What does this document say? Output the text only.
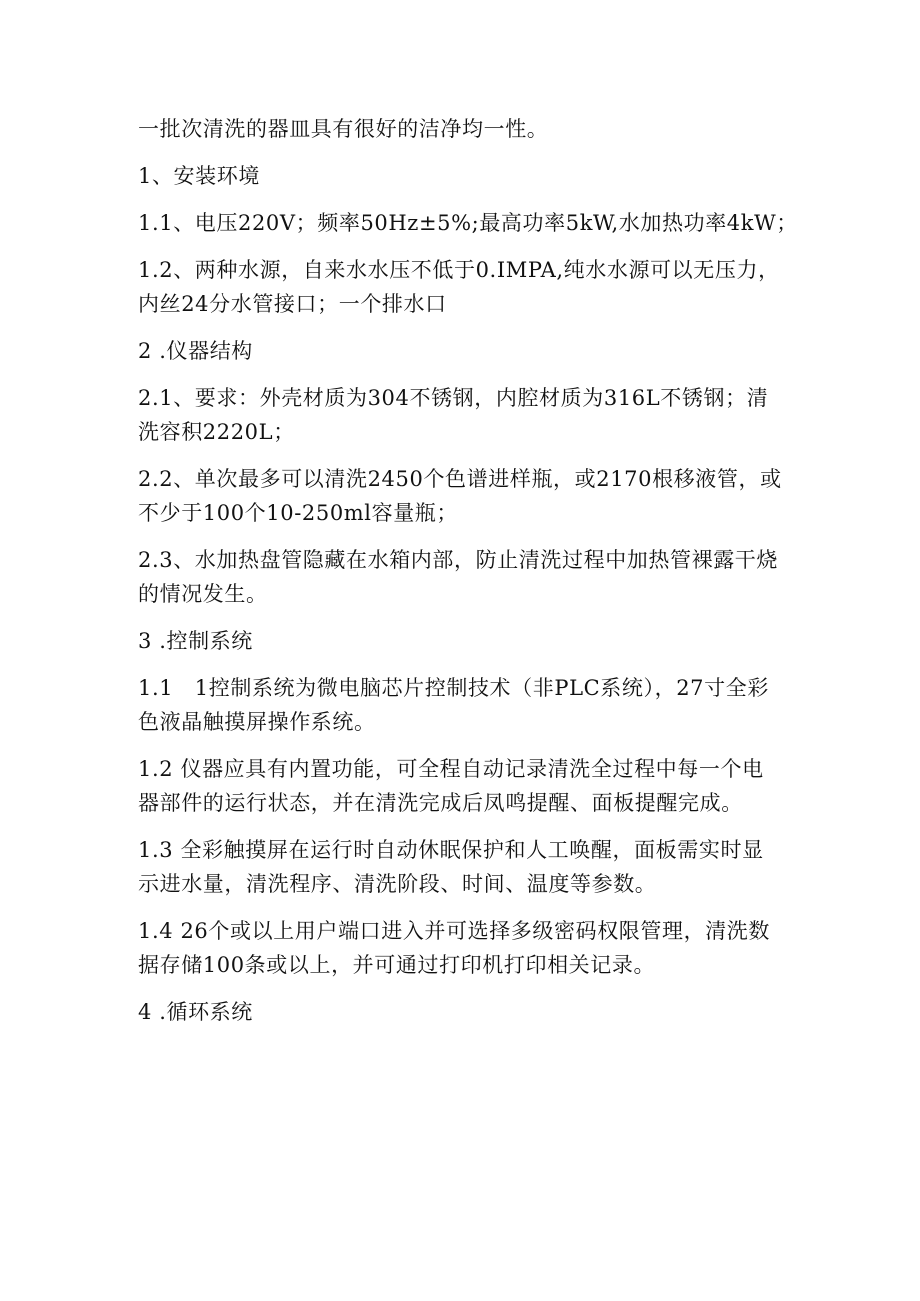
一批次清洗的器皿具有很好的洁净均一性。
1、安装环境
1.1、电压220V；频率50Hz±5%;最高功率5kW,水加热功率4kW；
1.2、两种水源，自来水水压不低于0.IMPA,纯水水源可以无压力，
内丝24分水管接口；一个排水口
2 .仪器结构
2.1、要求：外壳材质为304不锈钢，内腔材质为316L不锈钢；清
洗容积2220L；
2.2、单次最多可以清洗2450个色谱进样瓶，或2170根移液管，或
不少于100个10-250ml容量瓶；
2.3、水加热盘管隐藏在水箱内部，防止清洗过程中加热管裸露干烧
的情况发生。
3 .控制系统
1.1　1控制系统为微电脑芯片控制技术（非PLC系统），27寸全彩
色液晶触摸屏操作系统。
1.2 仪器应具有内置功能，可全程自动记录清洗全过程中每一个电
器部件的运行状态，并在清洗完成后凤鸣提醒、面板提醒完成。
1.3 全彩触摸屏在运行时自动休眠保护和人工唤醒，面板需实时显
示进水量，清洗程序、清洗阶段、时间、温度等参数。
1.4 26个或以上用户端口进入并可选择多级密码权限管理，清洗数
据存储100条或以上，并可通过打印机打印相关记录。
4 .循环系统
